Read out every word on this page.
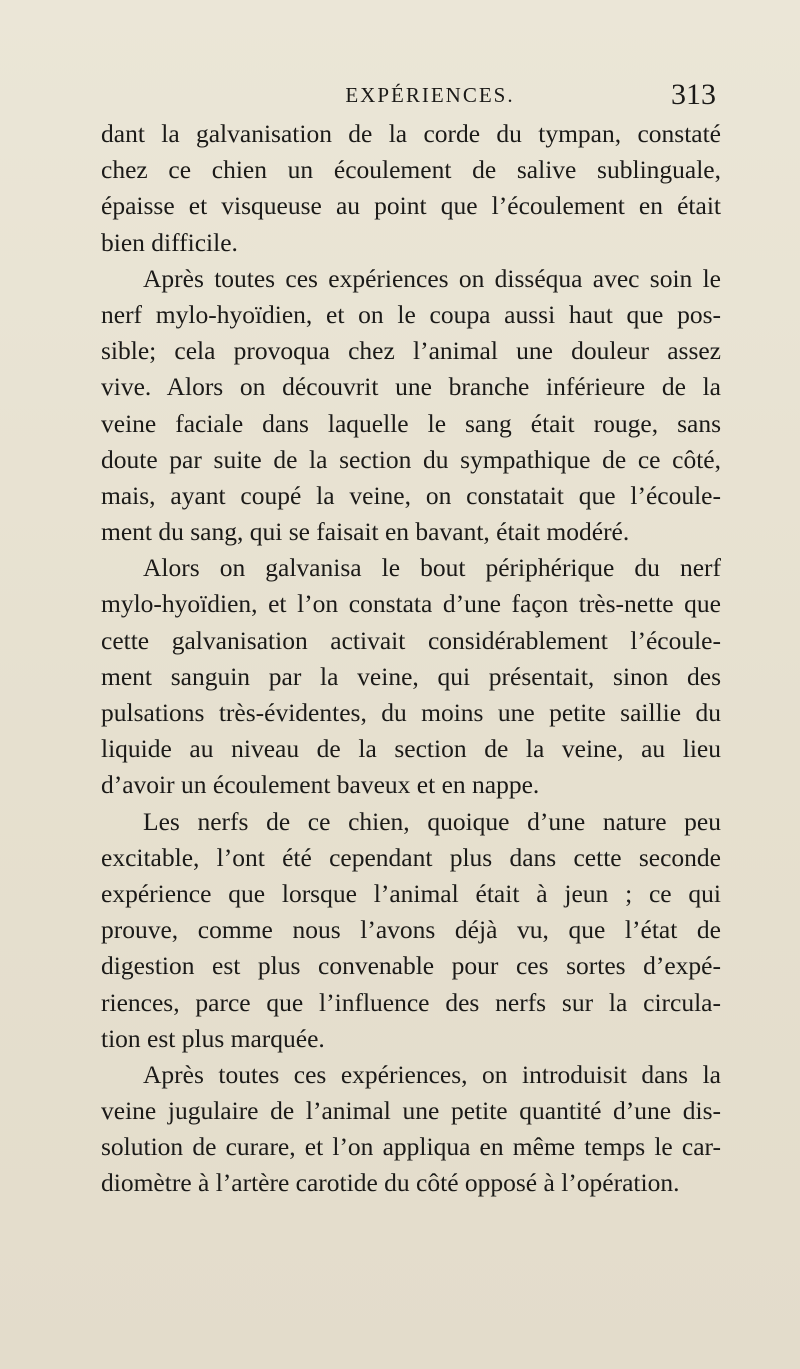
EXPÉRIENCES.	313
dant la galvanisation de la corde du tympan, constaté
chez ce chien un écoulement de salive sublinguale,
épaisse et visqueuse au point que l’écoulement en était
bien difficile.
Après toutes ces expériences on disséqua avec soin le
nerf mylo-hyoïdien, et on le coupa aussi haut que pos-
sible; cela provoqua chez l’animal une douleur assez
vive. Alors on découvrit une branche inférieure de la
veine faciale dans laquelle le sang était rouge, sans
doute par suite de la section du sympathique de ce côté,
mais, ayant coupé la veine, on constatait que l’écoule-
ment du sang, qui se faisait en bavant, était modéré.
Alors on galvanisa le bout périphérique du nerf
mylo-hyoïdien, et l’on constata d’une façon très-nette que
cette galvanisation activait considérablement l’écoule-
ment sanguin par la veine, qui présentait, sinon des
pulsations très-évidentes, du moins une petite saillie du
liquide au niveau de la section de la veine, au lieu
d’avoir un écoulement baveux et en nappe.
Les nerfs de ce chien, quoique d’une nature peu
excitable, l’ont été cependant plus dans cette seconde
expérience que lorsque l’animal était à jeun ; ce qui
prouve, comme nous l’avons déjà vu, que l’état de
digestion est plus convenable pour ces sortes d’expé-
riences, parce que l’influence des nerfs sur la circula-
tion est plus marquée.
Après toutes ces expériences, on introduisit dans la
veine jugulaire de l’animal une petite quantité d’une dis-
solution de curare, et l’on appliqua en même temps le car-
diomètre à l’artère carotide du côté opposé à l’opération.
